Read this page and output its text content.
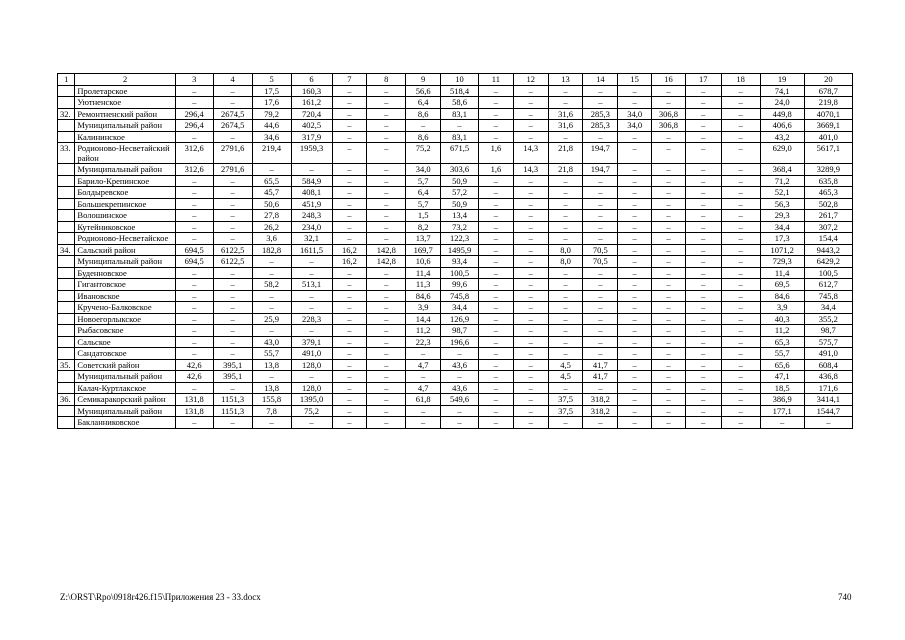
1	2	3	4	5	6	7	8	9	10	11	12	13	14	15	16	17	18	19	20
	Пролетарское	–	–	17,5	160,3	–	–	56,6	518,4	–	–	–	–	–	–	–	–	74,1	678,7
	Уютненское	–	–	17,6	161,2	–	–	6,4	58,6	–	–	–	–	–	–	–	–	24,0	219,8
32.	Ремонтненский район	296,4	2674,5	79,2	720,4	–	–	8,6	83,1	–	–	31,6	285,3	34,0	306,8	–	–	449,8	4070,1
	Муниципальный район	296,4	2674,5	44,6	402,5	–	–	–	–	–	–	31,6	285,3	34,0	306,8	–	–	406,6	3669,1
	Калининское	–	–	34,6	317,9	–	–	8,6	83,1	–	–	–	–	–	–	–	–	43,2	401,0
33.	Родионово-Несветайский район	312,6	2791,6	219,4	1959,3	–	–	75,2	671,5	1,6	14,3	21,8	194,7	–	–	–	–	629,0	5617,1
	Муниципальный район	312,6	2791,6	–	–	–	–	34,0	303,6	1,6	14,3	21,8	194,7	–	–	–	–	368,4	3289,9
	Барило-Крепинское	–	–	65,5	584,9	–	–	5,7	50,9	–	–	–	–	–	–	–	–	71,2	635,8
	Болдыревское	–	–	45,7	408,1	–	–	6,4	57,2	–	–	–	–	–	–	–	–	52,1	465,3
	Большекрепинское	–	–	50,6	451,9	–	–	5,7	50,9	–	–	–	–	–	–	–	–	56,3	502,8
	Волошинское	–	–	27,8	248,3	–	–	1,5	13,4	–	–	–	–	–	–	–	–	29,3	261,7
	Кутейниковское	–	–	26,2	234,0	–	–	8,2	73,2	–	–	–	–	–	–	–	–	34,4	307,2
	Родионово-Несветайское	–	–	3,6	32,1	–	–	13,7	122,3	–	–	–	–	–	–	–	–	17,3	154,4
34.	Сальский район	694,5	6122,5	182,8	1611,5	16,2	142,8	169,7	1495,9	–	–	8,0	70,5	–	–	–	–	1071,2	9443,2
	Муниципальный район	694,5	6122,5	–	–	16,2	142,8	10,6	93,4	–	–	8,0	70,5	–	–	–	–	729,3	6429,2
	Буденновское	–	–	–	–	–	–	11,4	100,5	–	–	–	–	–	–	–	–	11,4	100,5
	Гигантовское	–	–	58,2	513,1	–	–	11,3	99,6	–	–	–	–	–	–	–	–	69,5	612,7
	Ивановское	–	–	–	–	–	–	84,6	745,8	–	–	–	–	–	–	–	–	84,6	745,8
	Кручено-Балковское	–	–	–	–	–	–	3,9	34,4	–	–	–	–	–	–	–	–	3,9	34,4
	Новоегорлыкское	–	–	25,9	228,3	–	–	14,4	126,9	–	–	–	–	–	–	–	–	40,3	355,2
	Рыбасовское	–	–	–	–	–	–	11,2	98,7	–	–	–	–	–	–	–	–	11,2	98,7
	Сальское	–	–	43,0	379,1	–	–	22,3	196,6	–	–	–	–	–	–	–	–	65,3	575,7
	Сандатовское	–	–	55,7	491,0	–	–	–	–	–	–	–	–	–	–	–	–	55,7	491,0
35.	Советский район	42,6	395,1	13,8	128,0	–	–	4,7	43,6	–	–	4,5	41,7	–	–	–	–	65,6	608,4
	Муниципальный район	42,6	395,1	–	–	–	–	–	–	–	–	4,5	41,7	–	–	–	–	47,1	436,8
	Калач-Куртлакское	–	–	13,8	128,0	–	–	4,7	43,6	–	–	–	–	–	–	–	–	18,5	171,6
36.	Семикаракорский район	131,8	1151,3	155,8	1395,0	–	–	61,8	549,6	–	–	37,5	318,2	–	–	–	–	386,9	3414,1
	Муниципальный район	131,8	1151,3	7,8	75,2	–	–	–	–	–	–	37,5	318,2	–	–	–	–	177,1	1544,7
	Бакланниковское	–	–	–	–	–	–	–	–	–	–	–	–	–	–	–	–	–	–
Z:\ORST\Rpo\0918r426.f15\Приложения 23 - 33.docx	740
